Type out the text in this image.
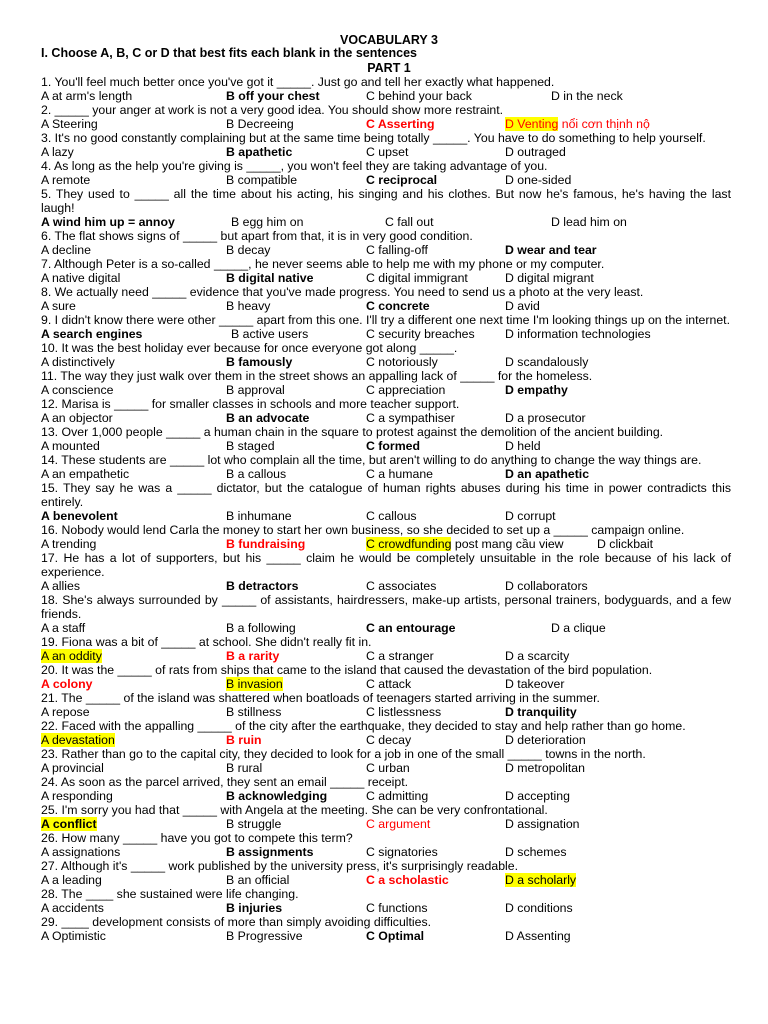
VOCABULARY 3
I. Choose A, B, C or D that best fits each blank in the sentences
PART 1
1. You'll feel much better once you've got it _____. Just go and tell her exactly what happened.
A at arm's length	B off your chest	C behind your back	D in the neck
2. _____ your anger at work is not a very good idea. You should show more restraint.
A Steering	B Decreeing	C Asserting	D Venting nổi cơn thịnh nộ
3. It's no good constantly complaining but at the same time being totally _____. You have to do something to help yourself.
A lazy	B apathetic	C upset	D outraged
4. As long as the help you're giving is _____, you won't feel they are taking advantage of you.
A remote	B compatible	C reciprocal	D one-sided
5. They used to _____ all the time about his acting, his singing and his clothes. But now he's famous, he's having the last laugh!
A wind him up = annoy	B egg him on	C fall out	D lead him on
6. The flat shows signs of _____ but apart from that, it is in very good condition.
A decline	B decay	C falling-off	D wear and tear
7. Although Peter is a so-called _____, he never seems able to help me with my phone or my computer.
A native digital	B digital native	C digital immigrant	D digital migrant
8. We actually need _____ evidence that you've made progress. You need to send us a photo at the very least.
A sure	B heavy	C concrete	D avid
9. I didn't know there were other _____ apart from this one. I'll try a different one next time I'm looking things up on the internet.
A search engines	B active users	C security breaches D information technologies
10. It was the best holiday ever because for once everyone got along _____.
A distinctively	B famously	C notoriously	D scandalously
11. The way they just walk over them in the street shows an appalling lack of _____ for the homeless.
A conscience	B approval	C appreciation	D empathy
12. Marisa is _____ for smaller classes in schools and more teacher support.
A an objector	B an advocate	C a sympathiser	D a prosecutor
13. Over 1,000 people _____ a human chain in the square to protest against the demolition of the ancient building.
A mounted	B staged	C formed	D held
14. These students are _____ lot who complain all the time, but aren't willing to do anything to change the way things are.
A an empathetic	B a callous	C a humane	D an apathetic
15. They say he was a _____ dictator, but the catalogue of human rights abuses during his time in power contradicts this entirely.
A benevolent	B inhumane	C callous	D corrupt
16. Nobody would lend Carla the money to start her own business, so she decided to set up a _____ campaign online.
A trending	B fundraising	C crowdfunding post mang cầu view	D clickbait
17. He has a lot of supporters, but his _____ claim he would be completely unsuitable in the role because of his lack of experience.
A allies	B detractors	C associates	D collaborators
18. She's always surrounded by _____ of assistants, hairdressers, make-up artists, personal trainers, bodyguards, and a few friends.
A a staff	B a following	C an entourage	D a clique
19. Fiona was a bit of _____ at school. She didn't really fit in.
A an oddity	B a rarity	C a stranger	D a scarcity
20. It was the _____ of rats from ships that came to the island that caused the devastation of the bird population.
A colony	B invasion	C attack	D takeover
21. The _____ of the island was shattered when boatloads of teenagers started arriving in the summer.
A repose	B stillness	C listlessness	D tranquility
22. Faced with the appalling _____ of the city after the earthquake, they decided to stay and help rather than go home.
A devastation	B ruin	C decay	D deterioration
23. Rather than go to the capital city, they decided to look for a job in one of the small _____ towns in the north.
A provincial	B rural	C urban	D metropolitan
24. As soon as the parcel arrived, they sent an email _____ receipt.
A responding	B acknowledging	C admitting	D accepting
25. I'm sorry you had that _____ with Angela at the meeting. She can be very confrontational.
A conflict	B struggle	C argument	D assignation
26. How many _____ have you got to compete this term?
A assignations	B assignments	C signatories	D schemes
27. Although it's _____ work published by the university press, it's surprisingly readable.
A a leading	B an official	C a scholastic	D a scholarly
28. The ____ she sustained were life changing.
A accidents	B injuries	C functions	D conditions
29. ____ development consists of more than simply avoiding difficulties.
A Optimistic	B Progressive	C Optimal	D Assenting
